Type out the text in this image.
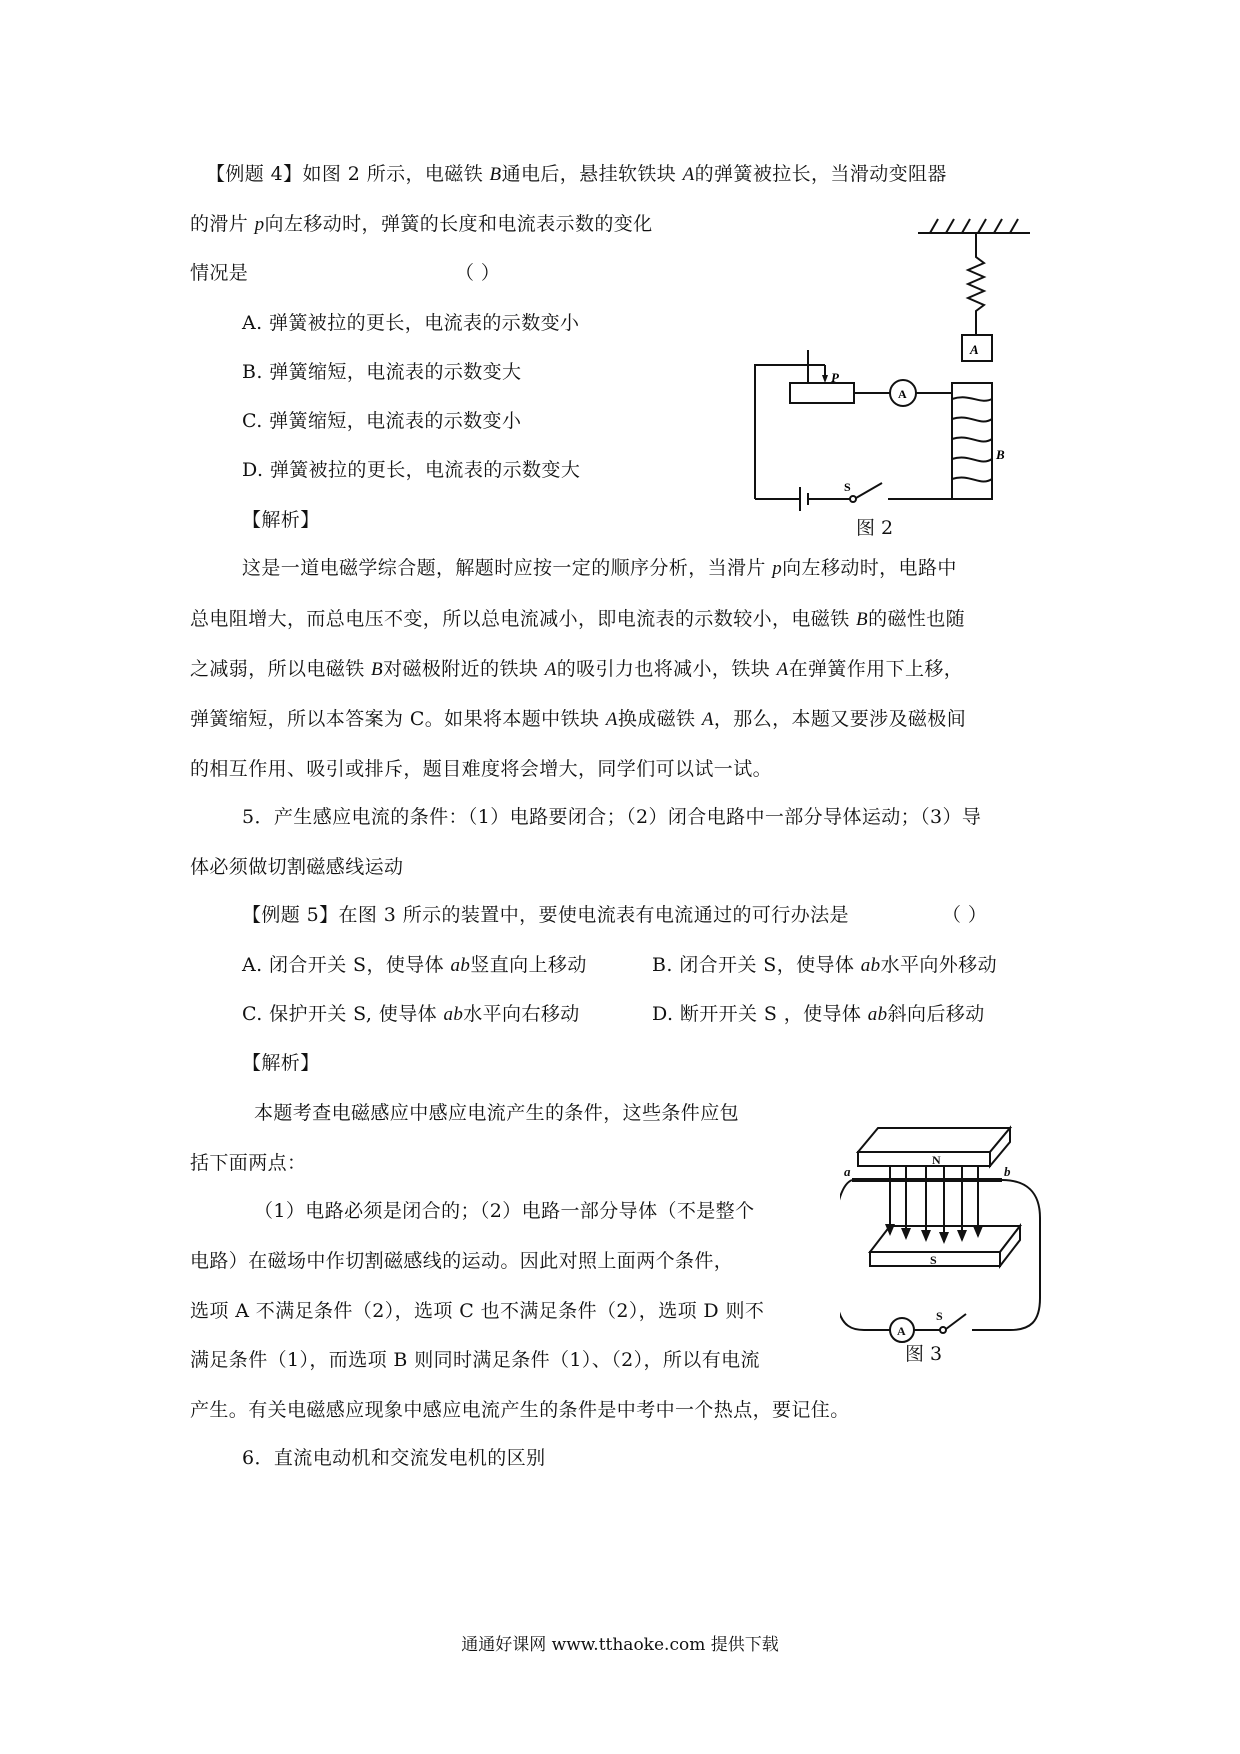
【例题 4】如图 2 所示，电磁铁 B通电后，悬挂软铁块 A的弹簧被拉长，当滑动变阻器
的滑片 p向左移动时，弹簧的长度和电流表示数的变化
情况是	（ ）
A. 弹簧被拉的更长，电流表的示数变小
B. 弹簧缩短，电流表的示数变大
C. 弹簧缩短，电流表的示数变小
D. 弹簧被拉的更长，电流表的示数变大
【解析】
这是一道电磁学综合题，解题时应按一定的顺序分析，当滑片 p向左移动时，电路中
总电阻增大，而总电压不变，所以总电流减小，即电流表的示数较小，电磁铁 B的磁性也随
之减弱，所以电磁铁 B对磁极附近的铁块 A的吸引力也将减小，铁块 A在弹簧作用下上移，
弹簧缩短，所以本答案为 C。如果将本题中铁块 A换成磁铁 A，那么，本题又要涉及磁极间
的相互作用、吸引或排斥，题目难度将会增大，同学们可以试一试。
A
P
A
B
S
图 2
5．产生感应电流的条件：（1）电路要闭合；（2）闭合电路中一部分导体运动；（3）导
体必须做切割磁感线运动
【例题 5】在图 3 所示的装置中，要使电流表有电流通过的可行办法是	（ ）
A. 闭合开关 S，使导体 ab竖直向上移动	B. 闭合开关 S，使导体 ab水平向外移动
C. 保护开关 S, 使导体 ab水平向右移动	D. 断开开关 S ，使导体 ab斜向后移动
【解析】
本题考查电磁感应中感应电流产生的条件，这些条件应包
括下面两点：
（1）电路必须是闭合的；（2）电路一部分导体（不是整个
电路）在磁场中作切割磁感线的运动。因此对照上面两个条件，
选项 A 不满足条件（2），选项 C 也不满足条件（2），选项 D 则不
满足条件（1），而选项 B 则同时满足条件（1）、（2），所以有电流
产生。有关电磁感应现象中感应电流产生的条件是中考中一个热点，要记住。
N
S
a	b
A
S
图 3
6．直流电动机和交流发电机的区别
通通好课网 www.tthaoke.com 提供下载
